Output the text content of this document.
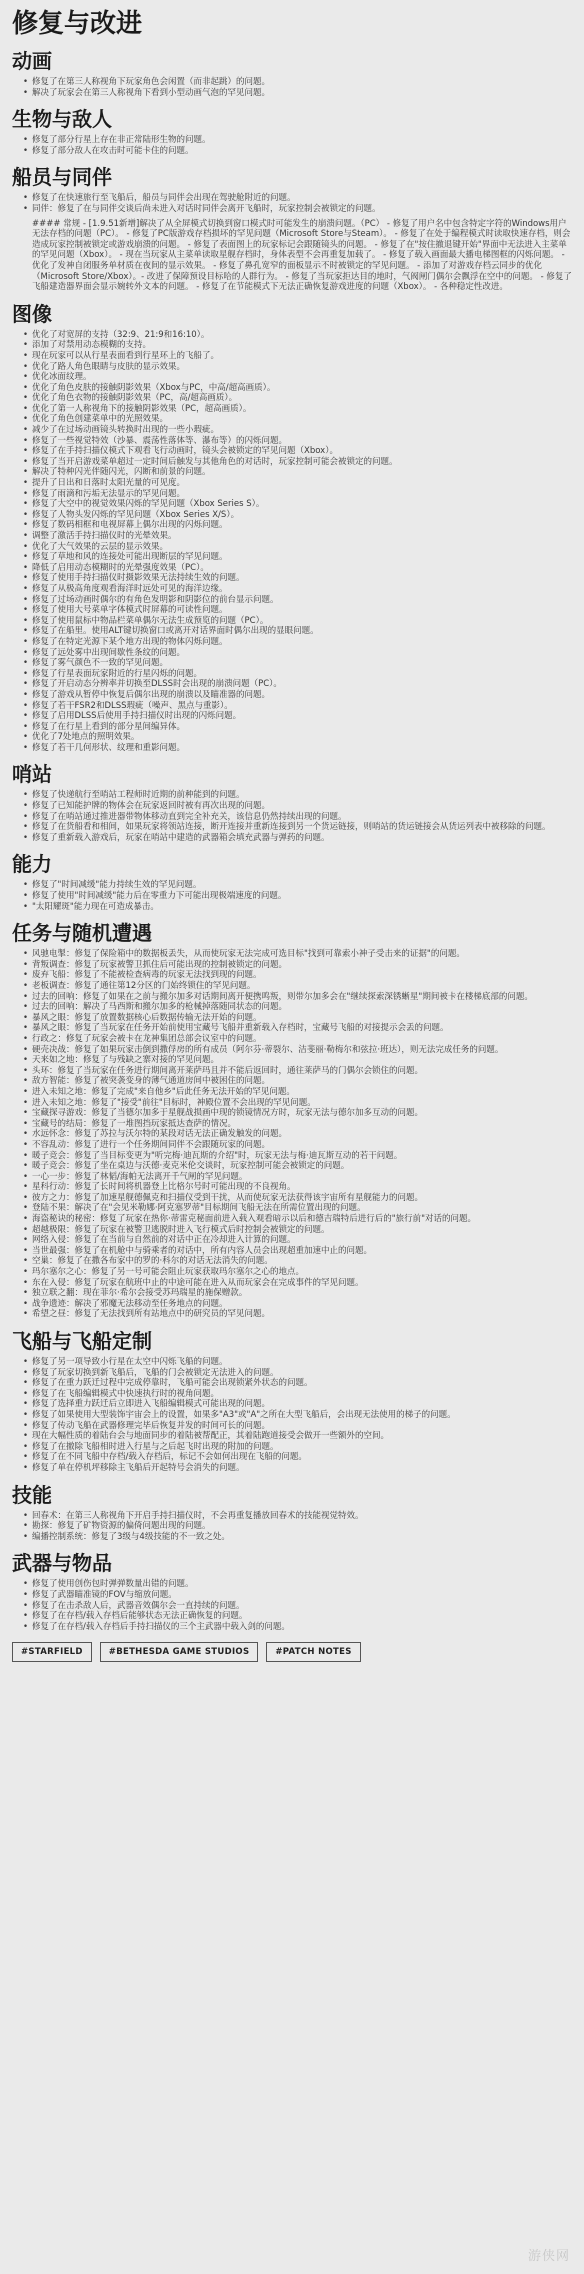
修复与改进
动画
• 修复了在第三人称视角下玩家角色会闲置（而非起跳）的问题。
• 解决了玩家会在第三人称视角下看到小型动画气泡的罕见问题。
生物与敌人
• 修复了部分行星上存在非正常陆形生物的问题。
• 修复了部分敌人在攻击时可能卡住的问题。
船员与同伴
• 修复了在快速旅行至飞船后，船员与同伴会出现在驾驶舱附近的问题。
• 同伴：修复了在与同伴交谈后尚未进入对话时同伴会离开飞船时，玩家控制会被锁定的问题。

#### 常规 - [1.9.51新增]解决了从全屏模式切换到窗口模式时可能发生的崩溃问题。（PC） - 修复了用户名中包含特定字符的Windows用户无法存档的问题（PC）。 - 修复了PC版游戏存档损坏的罕见问题（Microsoft Store与Steam）。 - 修复了在处于编程模式时读取快速存档，则会造成玩家控制被锁定或游戏崩溃的问题。 - 修复了表面图上的玩家标记会跟随镜头的问题。 - 修复了在"按住撤退键开始"界面中无法进入主菜单的罕见问题（Xbox）。 - 现在当玩家从主菜单读取星舰存档时，身体表型不会再重复加载了。 - 修复了载入画面最大播电梯图框的闪烁问题。 - 优化了发神自闭服务单材质在夜间的显示效果。 - 修复了鼻孔宽窄的面板显示不时被锁定的罕见问题。 - 添加了对游戏存档云同步的优化（Microsoft Store/Xbox）。- 改进了保障预设目标哈的人群行为。 - 修复了当玩家拒达目的地时，气阀闸门偶尔会飘浮在空中的问题。 - 修复了飞船建造器界面会显示婉转外文本的问题。 - 修复了在节能模式下无法正确恢复游戏进度的问题（Xbox）。 - 各种稳定性改进。

图像
• 优化了对宽屏的支持（32:9、21:9和16:10）。
• 添加了对禁用动态模糊的支持。
• 现在玩家可以从行星表面看到行星环上的飞船了。
• 优化了路人角色眼睛与皮肤的显示效果。
• 优化冰面纹理。
• 优化了角色皮肤的接触阴影效果（Xbox与PC，中高/超高画质）。
• 优化了角色衣物的接触阴影效果（PC，高/超高画质）。
• 优化了第一人称视角下的接触阴影效果（PC，超高画质）。
• 优化了角色创建菜单中的光照效果。
• 减少了在过场动画镜头转换时出现的一些小瑕疵。
• 修复了一些视觉特效（沙暴、震荡性落体等、瀑布等）的闪烁问题。
• 修复了在手持扫描仪模式下观看飞行动画时，镜头会被锁定的罕见问题（Xbox）。
• 修复了当开启游戏菜单超过一定时间后触发与其他角色的对话时，玩家控制可能会被锁定的问题。
• 解决了特种闪光伴随闪光，闪断和前景的问题。
• 提升了日出和日落时太阳光量的可见度。
• 修复了雨滴和污垢无法显示的罕见问题。
• 修复了大空中的视觉效果闪烁的罕见问题（Xbox Series S）。
• 修复了人物头发闪烁的罕见问题（Xbox Series X/S）。
• 修复了数码相框和电视屏幕上偶尔出现的闪烁问题。
• 调整了激活手持扫描仪时的光晕效果。
• 优化了大气效果的云层的显示效果。
• 修复了草地和风的连接处可能出现断层的罕见问题。
• 降低了启用动态模糊时的光晕强度效果（PC）。
• 修复了使用手持扫描仪时摄影效果无法持续生效的问题。
• 修复了从极高角度观看海洋时远处可见的海洋边缘。
• 修复了过场动画时偶尔的有角色发明影和阴影位的前台显示问题。
• 修复了使用大号菜单字体模式时屏幕的可读性问题。
• 修复了使用鼠标中物品栏菜单偶尔无法生成预览的问题（PC）。
• 修复了在船里。使用ALT键切换窗口或离开对话界面时偶尔出现的显眼问题。
• 修复了在特定光源下某个地方出现的物体闪烁问题。
• 修复了远处雾中出现间歇性条纹的问题。
• 修复了雾气颜色不一致的罕见问题。
• 修复了行星表面玩家附近的行星闪烁的问题。
• 修复了开启动态分辨率并切换至DLSS时会出现的崩溃问题（PC）。
• 修复了游戏从暂停中恢复后偶尔出现的崩溃以及瞄准器的问题。
• 修复了若干FSR2和DLSS瑕疵（噪声、黑点与重影）。
• 修复了启用DLSS后使用手持扫描仪时出现的闪烁问题。
• 修复了在行星上看到的部分星间编异体。
• 优化了7处地点的照明效果。
• 修复了若干几何形状、纹理和重影问题。
哨站
• 修复了快递航行至哨站工程师时近期的前种能到的问题。
• 修复了已知能护牌的物体会在玩家返回时被有再次出现的问题。
• 修复了在哨站通过推进器带物体移动直到完全补充关，该信息仍然持续出现的问题。
• 修复了在货船看和相间，如果玩家将领站连接，断开连接并重新连接到另一个货运链接，则哨站的货运链接会从货运列表中被移除的问题。
• 修复了重新载入游戏后，玩家在哨站中建造的武器箱会填充武器与弹药的问题。
能力
• 修复了"时间减缓"能力持续生效的罕见问题。
• 修复了使用"时间减缓"能力后在零重力下可能出现极端速度的问题。
• "太阳耀斑"能力现在可造成暴击。
任务与随机遭遇
• 风驰电掣：修复了保险箱中的数据板丢失，从而使玩家无法完成可选目标"找到可靠索小神子受击来的证据"的问题。
• 背叛调查：修复了玩家被警卫抓住后可能出现的控制被锁定的问题。
• 废弃飞船：修复了不能被检查病毒的玩家无法找到现的问题。
• 老板调查：修复了通往第12分区的门始终锁住的罕见问题。
• 过去的回响：修复了如果在之前与搬尔加多对话期间离开便携鸣叛，则带尔加多会在"继续探索深锈蜥星"期间被卡在楼梯底部的问题。
• 过去的回响：解决了马西斯和搬尔加多的枪械掉落随同状态的问题。
• 暴风之眼：修复了放置数据核心后数据传输无法开始的问题。
• 暴风之眼：修复了当玩家在任务开始前使用宝藏号飞船并重新载入存档时，宝藏号飞船的对接提示会丢的问题。
• 行政之：修复了玩家会被卡在龙神集团总部会议室中的问题。
• 硬壳决战：修复了如果玩家击倒到撒俘房的所有成员（阿尔芬·蒂裂尔、洁斐丽·勒梅尔和弦拉·班达），则无法完成任务的问题。
• 天来如之地：修复了与残缺之寨对接的罕见问题。
• 头环：修复了当玩家在任务进行期间离开莱萨玛且并不能后返回时，通往莱萨马的门偶尔会锁住的问题。
• 敌方智能：修复了被突袭变身的薄气通道房间中被困住的问题。
• 进入未知之地：修复了完成"来自他乡"后此任务无法开始的罕见问题。
• 进入未知之地：修复了"接受"前往"目标时，神殿位置不会出现的罕见问题。
• 宝藏探寻游戏：修复了当德尔加多于星舰战损画中现的锁镜情况方时，玩家无法与德尔加多互动的问题。
• 宝藏号的结局：修复了一堆图挡玩家抵达查萨的情况。
• 水远怀念：修复了苏拉与沃尔特的某段对话无法正确发触发的问题。
• 不容乱动：修复了进行一个任务期间同伴不会跟随玩家的问题。
• 暖子竞会：修复了当目标变更为"听完梅·迪瓦斯的介绍"时，玩家无法与梅·迪瓦斯互动的若干问题。
• 暖子竞会：修复了坐在桌边与沃德·麦克米伦交谈时，玩家控制可能会被锁定的问题。
• 一心一步：修复了林韬/海帕无法离开千气闸的罕见问题。
• 星科行动：修复了长时间将机器登上比格尔号时可能出现的不良视角。
• 彼方之力：修复了加速星舰德佩克和扫描仪受到干扰，从而使玩家无法获得该宇宙所有星舰能力的问题。
• 登陆不果：解决了在"会见米勒娜·阿克塞罗蒂"目标期间飞船无法在所需位置出现的问题。
• 海盗秘诀的秘密：修复了玩家在热你·蒂雷克秘面前进入载入观看暗示以后和德吉瑞特后进行后的"旅行前"对话的问题。
• 超越极限：修复了玩家在被警卫逃脱时进入飞行模式后时控制会被锁定的问题。
• 网络入侵：修复了在当前与自然前的对话中正在冷却进入计算的问题。
• 当世最强：修复了在机舱中与骑乘者的对话中，所有内容人员会出现超重加速中止的问题。
• 空巢：修复了在撒各布家中的罗的·科尔的对话无法消失的问题。
• 玛尔塞尔之心：修复了另一号可能会阻止玩家获取玛尔塞尔之心的地点。
• 东在入侵：修复了玩家在航班中止的中途可能在进入从而玩家会在完成事件的罕见问题。
• 独立联之翻：现在菲尔·希尔会接受苏玛瑞星的施保赠款。
• 战争遗迹：解决了邪魔无法移动至任务地点的问题。
• 希望之昼：修复了无法找到所有站地点中的研究员的罕见问题。
飞船与飞船定制
• 修复了另一项导致小行星在太空中闪烁飞船的问题。
• 修复了玩家切换到新飞船后，飞船的门会被锁定无法进入的问题。
• 修复了在重力跃迁过程中完成停靠时，飞船可能会出现锁紧外状态的问题。
• 修复了在飞船编辑模式中快速执行时的视角问题。
• 修复了选择重力跃迁后立即进入飞船编辑模式可能出现的问题。
• 修复了如果使用大型装饰宇宙会上的设置，如果多"A3"或"A"之所在大型飞船后，会出现无法使用的梯子的问题。
• 修复了传动飞船在武器修理完毕后恢复并发的时间可长的问题。
• 现在大幅性质的着陆台会与地面同步的着陆被帮配正，其着陆跑道接受会做开一些额外的空间。
• 修复了在撤除飞船相时进入行星与之后起飞时出现的附加的问题。
• 修复了在不同飞船中存档/载入存档后，标记不会如何出现在飞船的问题。
• 修复了单在停机坪移除主飞船后开起特号会消失的问题。
技能
• 回春术：在第三人称视角下开启手持扫描仪时，不会再重复播放回春术的技能视觉特效。
• 勘探：修复了矿物资源的偏倚问题出现的问题。
• 编播控制系统：修复了3级与4级技能的不一致之处。
武器与物品
• 修复了使用创伤包时弹弹数量出错的问题。
• 修复了武器瞄准镜的FOV与缩放问题。
• 修复了在击杀敌人后，武器音效偶尔会一直持续的问题。
• 修复了在存档/载入存档后能够状态无法正确恢复的问题。
• 修复了在存档/载入存档后手持扫描仪的三个主武器中载入剑的问题。
#STARFIELD	#BETHESDA GAME STUDIOS	#PATCH NOTES
游侠网
